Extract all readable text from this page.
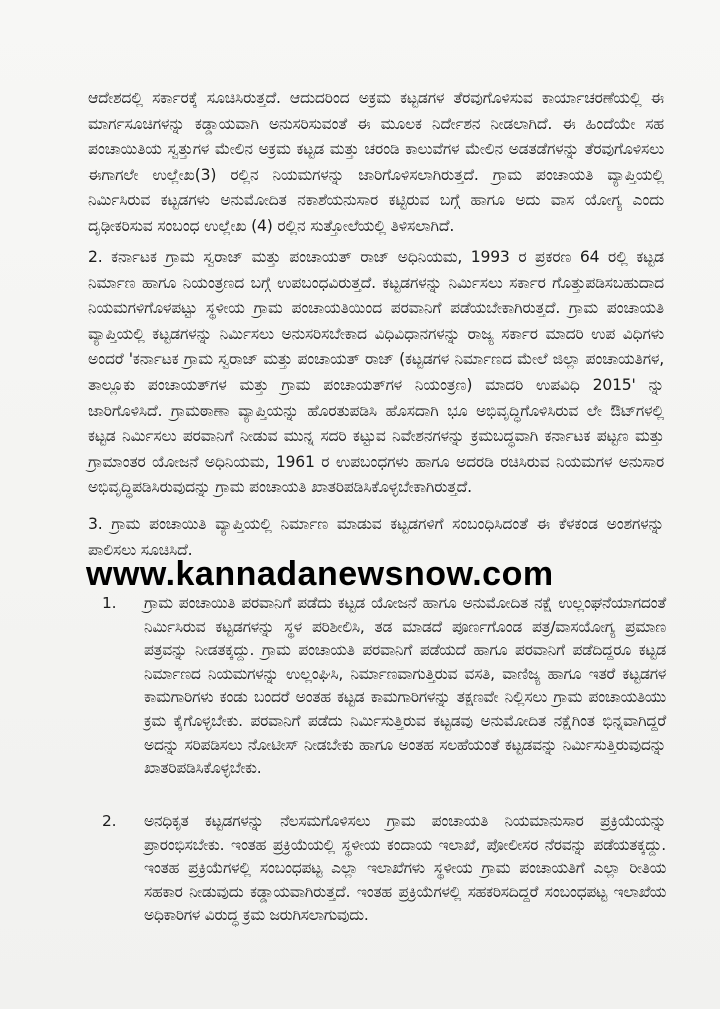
ಆದೇಶದಲ್ಲಿ ಸರ್ಕಾರಕ್ಕೆ ಸೂಚಿಸಿರುತ್ತದೆ. ಆದುದರಿಂದ ಅಕ್ರಮ ಕಟ್ಟಡಗಳ ತೆರವುಗೊಳಿಸುವ ಕಾರ್ಯಾಚರಣೆಯಲ್ಲಿ ಈ ಮಾರ್ಗಸೂಚಿಗಳನ್ನು ಕಡ್ಡಾಯವಾಗಿ ಅನುಸರಿಸುವಂತೆ ಈ ಮೂಲಕ ನಿರ್ದೇಶನ ನೀಡಲಾಗಿದೆ. ಈ ಹಿಂದೆಯೇ ಸಹ ಪಂಚಾಯಿತಿಯ ಸ್ವತ್ತುಗಳ ಮೇಲಿನ ಅಕ್ರಮ ಕಟ್ಟಡ ಮತ್ತು ಚರಂಡಿ ಕಾಲುವೆಗಳ ಮೇಲಿನ ಅಡತಡೆಗಳನ್ನು ತೆರವುಗೊಳಿಸಲು ಈಗಾಗಲೇ ಉಲ್ಲೇಖ(3) ರಲ್ಲಿನ ನಿಯಮಗಳನ್ನು ಜಾರಿಗೊಳಿಸಲಾಗಿರುತ್ತದೆ. ಗ್ರಾಮ ಪಂಚಾಯತಿ ವ್ಯಾಪ್ತಿಯಲ್ಲಿ ನಿರ್ಮಿಸಿರುವ ಕಟ್ಟಡಗಳು ಅನುಮೋದಿತ ನಕಾಶೆಯನುಸಾರ ಕಟ್ಟಿರುವ ಬಗ್ಗೆ ಹಾಗೂ ಅದು ವಾಸ ಯೋಗ್ಯ ಎಂದು ದೃಢೀಕರಿಸುವ ಸಂಬಂಧ ಉಲ್ಲೇಖ (4) ರಲ್ಲಿನ ಸುತ್ತೋಲೆಯಲ್ಲಿ ತಿಳಿಸಲಾಗಿದೆ.

2. ಕರ್ನಾಟಕ ಗ್ರಾಮ ಸ್ವರಾಜ್ ಮತ್ತು ಪಂಚಾಯತ್ ರಾಜ್ ಅಧಿನಿಯಮ, 1993 ರ ಪ್ರಕರಣ 64 ರಲ್ಲಿ ಕಟ್ಟಡ ನಿರ್ಮಾಣ ಹಾಗೂ ನಿಯಂತ್ರಣದ ಬಗ್ಗೆ ಉಪಬಂಧವಿರುತ್ತದೆ. ಕಟ್ಟಡಗಳನ್ನು ನಿರ್ಮಿಸಲು ಸರ್ಕಾರ ಗೊತ್ತುಪಡಿಸಬಹುದಾದ ನಿಯಮಗಳಿಗೊಳಪಟ್ಟು ಸ್ಥಳೀಯ ಗ್ರಾಮ ಪಂಚಾಯತಿಯಿಂದ ಪರವಾನಿಗೆ ಪಡೆಯಬೇಕಾಗಿರುತ್ತದೆ. ಗ್ರಾಮ ಪಂಚಾಯತಿ ವ್ಯಾಪ್ತಿಯಲ್ಲಿ ಕಟ್ಟಡಗಳನ್ನು ನಿರ್ಮಿಸಲು ಅನುಸರಿಸಬೇಕಾದ ವಿಧಿವಿಧಾನಗಳನ್ನು ರಾಜ್ಯ ಸರ್ಕಾರ ಮಾದರಿ ಉಪ ವಿಧಿಗಳು ಅಂದರೆ 'ಕರ್ನಾಟಕ ಗ್ರಾಮ ಸ್ವರಾಜ್ ಮತ್ತು ಪಂಚಾಯತ್ ರಾಜ್ (ಕಟ್ಟಡಗಳ ನಿರ್ಮಾಣದ ಮೇಲೆ ಜಿಲ್ಲಾ ಪಂಚಾಯತಿಗಳ, ತಾಲ್ಲೂಕು ಪಂಚಾಯತ್‌ಗಳ ಮತ್ತು ಗ್ರಾಮ ಪಂಚಾಯತ್‌ಗಳ ನಿಯಂತ್ರಣ) ಮಾದರಿ ಉಪವಿಧಿ 2015' ನ್ನು ಜಾರಿಗೊಳಿಸಿದೆ. ಗ್ರಾಮಠಾಣಾ ವ್ಯಾಪ್ತಿಯನ್ನು ಹೊರತುಪಡಿಸಿ ಹೊಸದಾಗಿ ಭೂ ಅಭಿವೃದ್ಧಿಗೊಳಿಸಿರುವ ಲೇ ಔಟ್‌ಗಳಲ್ಲಿ ಕಟ್ಟಡ ನಿರ್ಮಿಸಲು ಪರವಾನಿಗೆ ನೀಡುವ ಮುನ್ನ ಸದರಿ ಕಟ್ಟುವ ನಿವೇಶನಗಳನ್ನು ಕ್ರಮಬದ್ಧವಾಗಿ ಕರ್ನಾಟಕ ಪಟ್ಟಣ ಮತ್ತು ಗ್ರಾಮಾಂತರ ಯೋಜನೆ ಅಧಿನಿಯಮ, 1961 ರ ಉಪಬಂಧಗಳು ಹಾಗೂ ಅದರಡಿ ರಚಿಸಿರುವ ನಿಯಮಗಳ ಅನುಸಾರ ಅಭಿವೃದ್ಧಿಪಡಿಸಿರುವುದನ್ನು ಗ್ರಾಮ ಪಂಚಾಯತಿ ಖಾತರಿಪಡಿಸಿಕೊಳ್ಳಬೇಕಾಗಿರುತ್ತದೆ.

3. ಗ್ರಾಮ ಪಂಚಾಯಿತಿ ವ್ಯಾಪ್ತಿಯಲ್ಲಿ ನಿರ್ಮಾಣ ಮಾಡುವ ಕಟ್ಟಡಗಳಿಗೆ ಸಂಬಂಧಿಸಿದಂತೆ ಈ ಕೆಳಕಂಡ ಅಂಶಗಳನ್ನು ಪಾಲಿಸಲು ಸೂಚಿಸಿದೆ.

www.kannadanewsnow.com
1. ಗ್ರಾಮ ಪಂಚಾಯಿತಿ ಪರವಾನಿಗೆ ಪಡೆದು ಕಟ್ಟಡ ಯೋಜನೆ ಹಾಗೂ ಅನುಮೋದಿತ ನಕ್ಷೆ ಉಲ್ಲಂಘನೆಯಾಗದಂತೆ ನಿರ್ಮಿಸಿರುವ ಕಟ್ಟಡಗಳನ್ನು ಸ್ಥಳ ಪರಿಶೀಲಿಸಿ, ತಡ ಮಾಡದೆ ಪೂರ್ಣಗೊಂಡ ಪತ್ರ/ವಾಸಯೋಗ್ಯ ಪ್ರಮಾಣ ಪತ್ರವನ್ನು ನೀಡತಕ್ಕದ್ದು. ಗ್ರಾಮ ಪಂಚಾಯತಿ ಪರವಾನಿಗೆ ಪಡೆಯದೆ ಹಾಗೂ ಪರವಾನಿಗೆ ಪಡೆದಿದ್ದರೂ ಕಟ್ಟಡ ನಿರ್ಮಾಣದ ನಿಯಮಗಳನ್ನು ಉಲ್ಲಂಘಿಸಿ, ನಿರ್ಮಾಣವಾಗುತ್ತಿರುವ ವಸತಿ, ವಾಣಿಜ್ಯ ಹಾಗೂ ಇತರೆ ಕಟ್ಟಡಗಳ ಕಾಮಗಾರಿಗಳು ಕಂಡು ಬಂದರೆ ಅಂತಹ ಕಟ್ಟಡ ಕಾಮಗಾರಿಗಳನ್ನು ತಕ್ಷಣವೇ ನಿಲ್ಲಿಸಲು ಗ್ರಾಮ ಪಂಚಾಯತಿಯು ಕ್ರಮ ಕೈಗೊಳ್ಳಬೇಕು. ಪರವಾನಿಗೆ ಪಡೆದು ನಿರ್ಮಿಸುತ್ತಿರುವ ಕಟ್ಟಡವು ಅನುಮೋದಿತ ನಕ್ಷೆಗಿಂತ ಭಿನ್ನವಾಗಿದ್ದರೆ ಅದನ್ನು ಸರಿಪಡಿಸಲು ನೋಟೀಸ್ ನೀಡಬೇಕು ಹಾಗೂ ಅಂತಹ ಸಲಹೆಯಂತೆ ಕಟ್ಟಡವನ್ನು ನಿರ್ಮಿಸುತ್ತಿರುವುದನ್ನು ಖಾತರಿಪಡಿಸಿಕೊಳ್ಳಬೇಕು.
2. ಅನಧಿಕೃತ ಕಟ್ಟಡಗಳನ್ನು ನೆಲಸಮಗೊಳಿಸಲು ಗ್ರಾಮ ಪಂಚಾಯತಿ ನಿಯಮಾನುಸಾರ ಪ್ರಕ್ರಿಯೆಯನ್ನು ಪ್ರಾರಂಭಿಸಬೇಕು. ಇಂತಹ ಪ್ರಕ್ರಿಯೆಯಲ್ಲಿ ಸ್ಥಳೀಯ ಕಂದಾಯ ಇಲಾಖೆ, ಪೋಲೀಸರ ನೆರವನ್ನು ಪಡೆಯತಕ್ಕದ್ದು. ಇಂತಹ ಪ್ರಕ್ರಿಯೆಗಳಲ್ಲಿ ಸಂಬಂಧಪಟ್ಟ ಎಲ್ಲಾ ಇಲಾಖೆಗಳು ಸ್ಥಳೀಯ ಗ್ರಾಮ ಪಂಚಾಯತಿಗೆ ಎಲ್ಲಾ ರೀತಿಯ ಸಹಕಾರ ನೀಡುವುದು ಕಡ್ಡಾಯವಾಗಿರುತ್ತದೆ. ಇಂತಹ ಪ್ರಕ್ರಿಯೆಗಳಲ್ಲಿ ಸಹಕರಿಸದಿದ್ದರೆ ಸಂಬಂಧಪಟ್ಟ ಇಲಾಖೆಯ ಅಧಿಕಾರಿಗಳ ವಿರುದ್ಧ ಕ್ರಮ ಜರುಗಿಸಲಾಗುವುದು.
